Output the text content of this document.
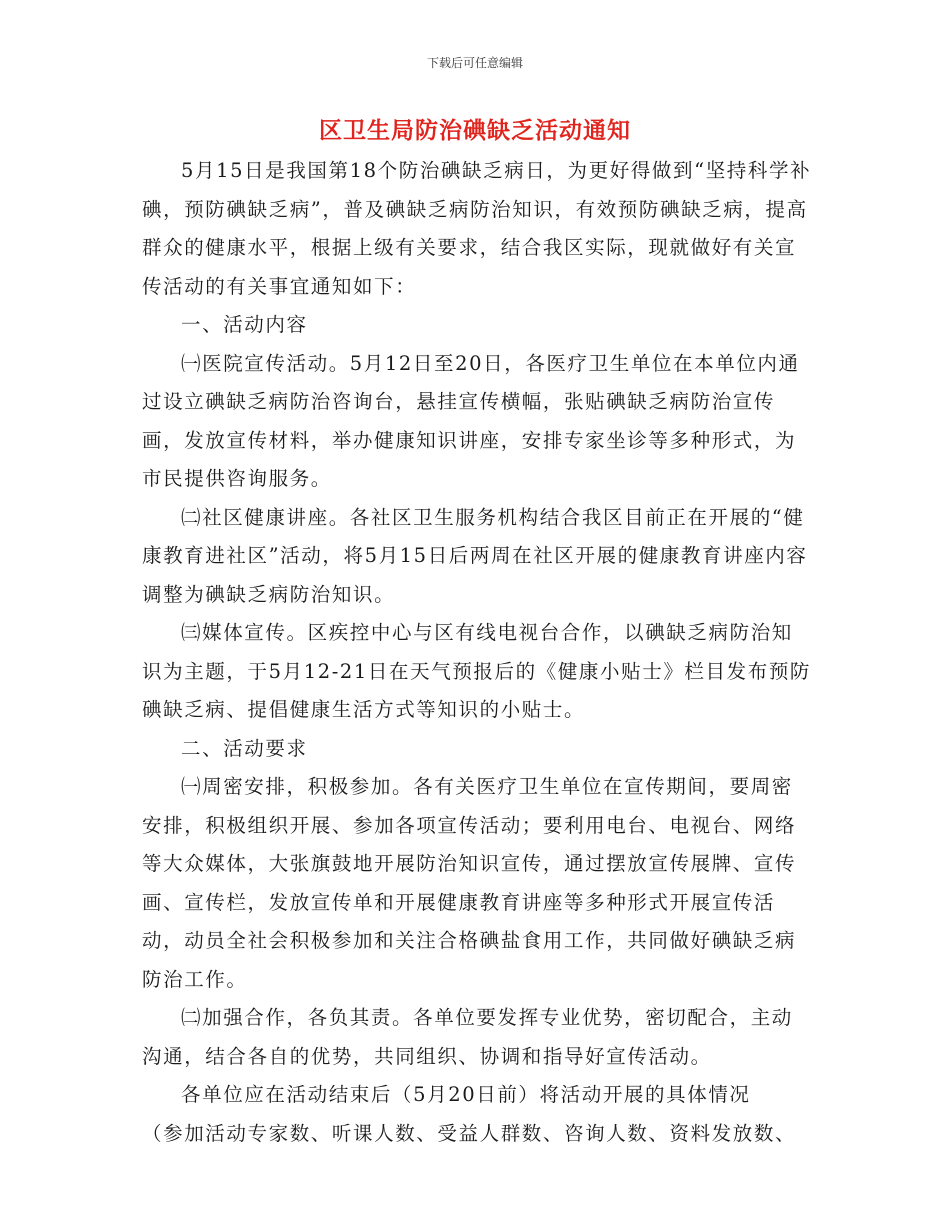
下载后可任意编辑
区卫生局防治碘缺乏活动通知

5月15日是我国第18个防治碘缺乏病日，为更好得做到“坚持科学补碘，预防碘缺乏病”，普及碘缺乏病防治知识，有效预防碘缺乏病，提高群众的健康水平，根据上级有关要求，结合我区实际，现就做好有关宣传活动的有关事宜通知如下：

一、活动内容

㈠医院宣传活动。5月12日至20日，各医疗卫生单位在本单位内通过设立碘缺乏病防治咨询台，悬挂宣传横幅，张贴碘缺乏病防治宣传画，发放宣传材料，举办健康知识讲座，安排专家坐诊等多种形式，为市民提供咨询服务。

㈡社区健康讲座。各社区卫生服务机构结合我区目前正在开展的“健康教育进社区”活动，将5月15日后两周在社区开展的健康教育讲座内容调整为碘缺乏病防治知识。

㈢媒体宣传。区疾控中心与区有线电视台合作，以碘缺乏病防治知识为主题，于5月12-21日在天气预报后的《健康小贴士》栏目发布预防碘缺乏病、提倡健康生活方式等知识的小贴士。

二、活动要求

㈠周密安排，积极参加。各有关医疗卫生单位在宣传期间，要周密安排，积极组织开展、参加各项宣传活动；要利用电台、电视台、网络等大众媒体，大张旗鼓地开展防治知识宣传，通过摆放宣传展牌、宣传画、宣传栏，发放宣传单和开展健康教育讲座等多种形式开展宣传活动，动员全社会积极参加和关注合格碘盐食用工作，共同做好碘缺乏病防治工作。

㈡加强合作，各负其责。各单位要发挥专业优势，密切配合，主动沟通，结合各自的优势，共同组织、协调和指导好宣传活动。

各单位应在活动结束后（5月20日前）将活动开展的具体情况

（参加活动专家数、听课人数、受益人群数、咨询人数、资料发放数、
